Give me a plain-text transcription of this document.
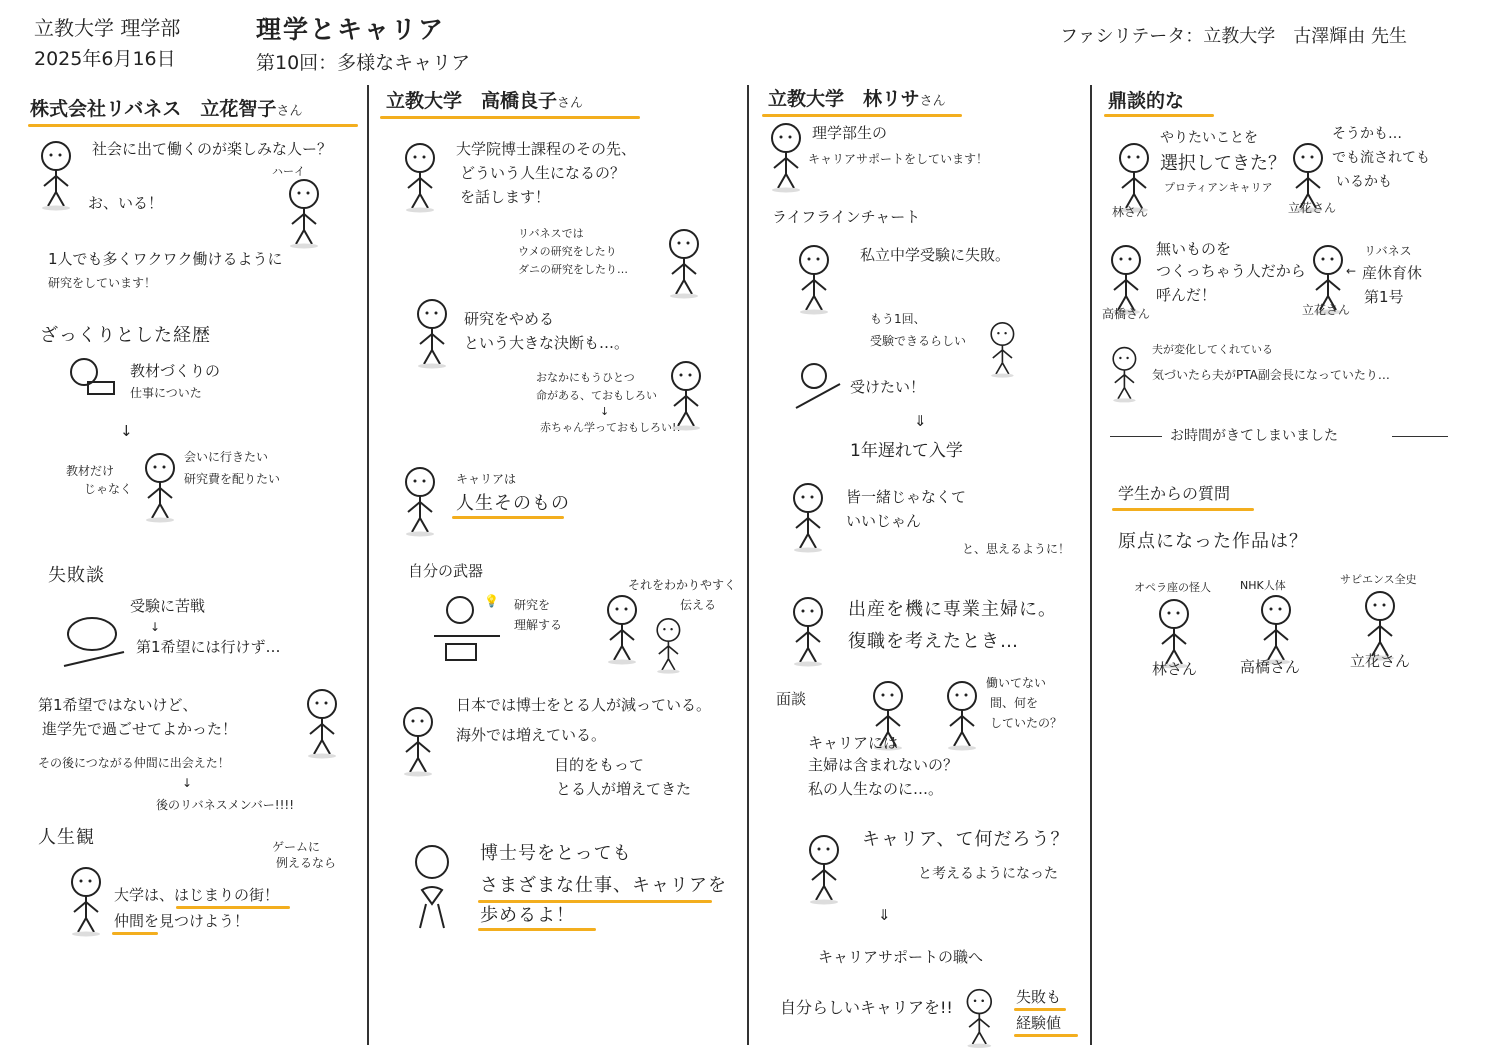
立教大学 理学部
2025年6月16日
理学とキャリア
第10回：多様なキャリア
ファシリテータ：立教大学　古澤輝由 先生
株式会社リバネス　立花智子さん
社会に出て働くのが楽しみな人ー？
お、いる！
ハーイ
1人でも多くワクワク働けるように
研究をしています！
ざっくりとした経歴
教材づくりの
仕事についた
↓
教材だけ
じゃなく
会いに行きたい
研究費を配りたい
失敗談
受験に苦戦
↓
第1希望には行けず…
第1希望ではないけど、
進学先で過ごせてよかった！
その後につながる仲間に出会えた！
↓
後のリバネスメンバー!!!!
人生観	ゲームに
例えるなら
大学は、はじまりの街！
仲間を見つけよう！
立教大学　高橋良子さん
大学院博士課程のその先、
どういう人生になるの？
を話します！
リバネスでは
ウメの研究をしたり
ダニの研究をしたり…
研究をやめる
という大きな決断も…。
おなかにもうひとつ
命がある、ておもしろい
↓
赤ちゃん学っておもしろい!!
キャリアは
人生そのもの
自分の武器
💡 研究を
理解する
それをわかりやすく
伝える
日本では博士をとる人が減っている。
海外では増えている。
目的をもって
とる人が増えてきた
博士号をとっても
さまざまな仕事、キャリアを
歩めるよ！
立教大学　林リサさん
理学部生の
キャリアサポートをしています！
ライフラインチャート
私立中学受験に失敗。
もう1回、
受験できるらしい
受けたい！
⇓
1年遅れて入学
皆一緒じゃなくて
いいじゃん
と、思えるように！
出産を機に専業主婦に。
復職を考えたとき…
面談
働いてない
間、何を
していたの？
キャリアには
主婦は含まれないの？
私の人生なのに…。
キャリア、て何だろう？
と考えるようになった
⇓
キャリアサポートの職へ
自分らしいキャリアを!!
失敗も
経験値
鼎談的な
林さん
やりたいことを
選択してきた？
プロティアンキャリア
立花さん
そうかも…
でも流されても
いるかも
高橋さん
無いものを
つくっちゃう人だから
呼んだ！
立花さん
←
リバネス
産休育休
第1号
夫が変化してくれている
気づいたら夫がPTA副会長になっていたり…
お時間がきてしまいました
学生からの質問
原点になった作品は？
オペラ座の怪人	NHK人体	サピエンス全史
林さん	高橋さん	立花さん
